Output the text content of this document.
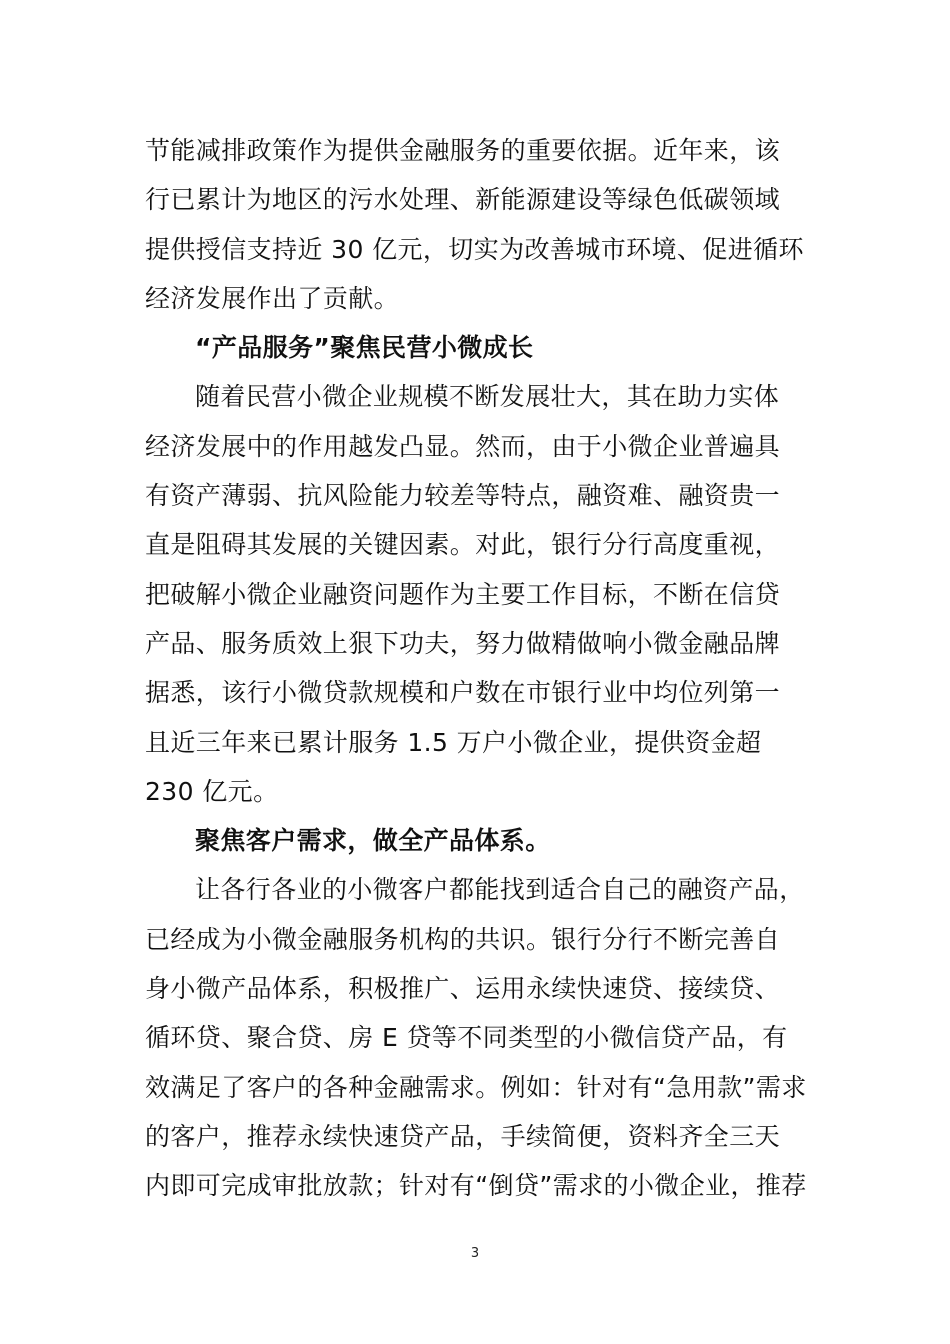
节能减排政策作为提供金融服务的重要依据。近年来，该
行已累计为地区的污水处理、新能源建设等绿色低碳领域
提供授信支持近 30 亿元，切实为改善城市环境、促进循环
经济发展作出了贡献。
“产品服务”聚焦民营小微成长
随着民营小微企业规模不断发展壮大，其在助力实体
经济发展中的作用越发凸显。然而，由于小微企业普遍具
有资产薄弱、抗风险能力较差等特点，融资难、融资贵一
直是阻碍其发展的关键因素。对此，银行分行高度重视，
把破解小微企业融资问题作为主要工作目标，不断在信贷
产品、服务质效上狠下功夫，努力做精做响小微金融品牌
据悉，该行小微贷款规模和户数在市银行业中均位列第一
且近三年来已累计服务 1.5 万户小微企业，提供资金超
230 亿元。
聚焦客户需求，做全产品体系。
让各行各业的小微客户都能找到适合自己的融资产品，
已经成为小微金融服务机构的共识。银行分行不断完善自
身小微产品体系，积极推广、运用永续快速贷、接续贷、
循环贷、聚合贷、房 E 贷等不同类型的小微信贷产品，有
效满足了客户的各种金融需求。例如：针对有“急用款”需求
的客户，推荐永续快速贷产品，手续简便，资料齐全三天
内即可完成审批放款；针对有“倒贷”需求的小微企业，推荐
3
